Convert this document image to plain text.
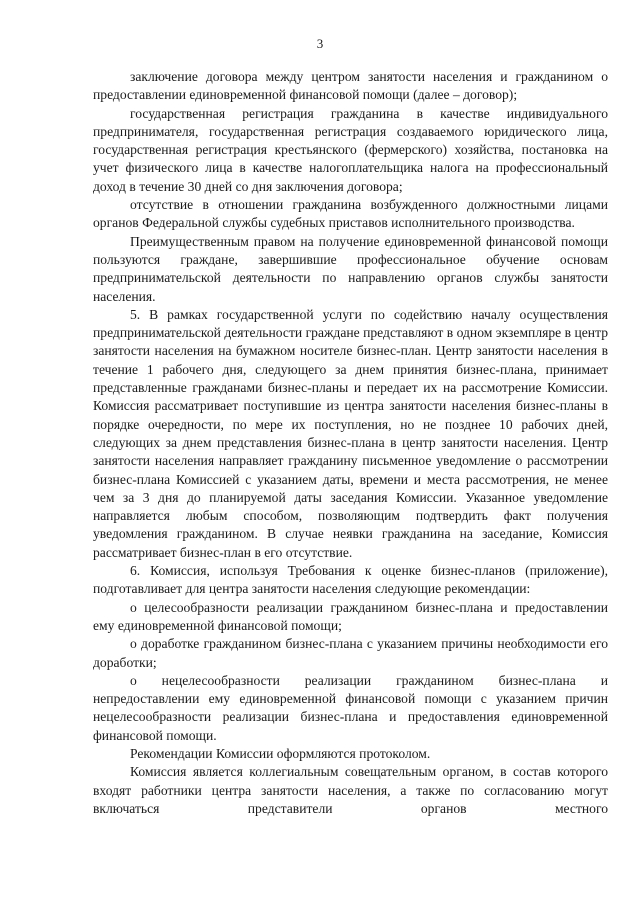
3

заключение договора между центром занятости населения и гражданином о предоставлении единовременной финансовой помощи (далее – договор);

государственная регистрация гражданина в качестве индивидуального предпринимателя, государственная регистрация создаваемого юридического лица, государственная регистрация крестьянского (фермерского) хозяйства, постановка на учет физического лица в качестве налогоплательщика налога на профессиональный доход в течение 30 дней со дня заключения договора;

отсутствие в отношении гражданина возбужденного должностными лицами органов Федеральной службы судебных приставов исполнительного производства.

Преимущественным правом на получение единовременной финансовой помощи пользуются граждане, завершившие профессиональное обучение основам предпринимательской деятельности по направлению органов службы занятости населения.

5. В рамках государственной услуги по содействию началу осуществления предпринимательской деятельности граждане представляют в одном экземпляре в центр занятости населения на бумажном носителе бизнес-план. Центр занятости населения в течение 1 рабочего дня, следующего за днем принятия бизнес-плана, принимает представленные гражданами бизнес-планы и передает их на рассмотрение Комиссии. Комиссия рассматривает поступившие из центра занятости населения бизнес-планы в порядке очередности, по мере их поступления, но не позднее 10 рабочих дней, следующих за днем представления бизнес-плана в центр занятости населения. Центр занятости населения направляет гражданину письменное уведомление о рассмотрении бизнес-плана Комиссией с указанием даты, времени и места рассмотрения, не менее чем за 3 дня до планируемой даты заседания Комиссии. Указанное уведомление направляется любым способом, позволяющим подтвердить факт получения уведомления гражданином. В случае неявки гражданина на заседание, Комиссия рассматривает бизнес-план в его отсутствие.

6. Комиссия, используя Требования к оценке бизнес-планов (приложение), подготавливает для центра занятости населения следующие рекомендации:

о целесообразности реализации гражданином бизнес-плана и предоставлении ему единовременной финансовой помощи;

о доработке гражданином бизнес-плана с указанием причины необходимости его доработки;

о нецелесообразности реализации гражданином бизнес-плана и непредоставлении ему единовременной финансовой помощи с указанием причин нецелесообразности реализации бизнес-плана и предоставления единовременной финансовой помощи.

Рекомендации Комиссии оформляются протоколом.

Комиссия является коллегиальным совещательным органом, в состав которого входят работники центра занятости населения, а также по согласованию могут включаться представители органов местного
